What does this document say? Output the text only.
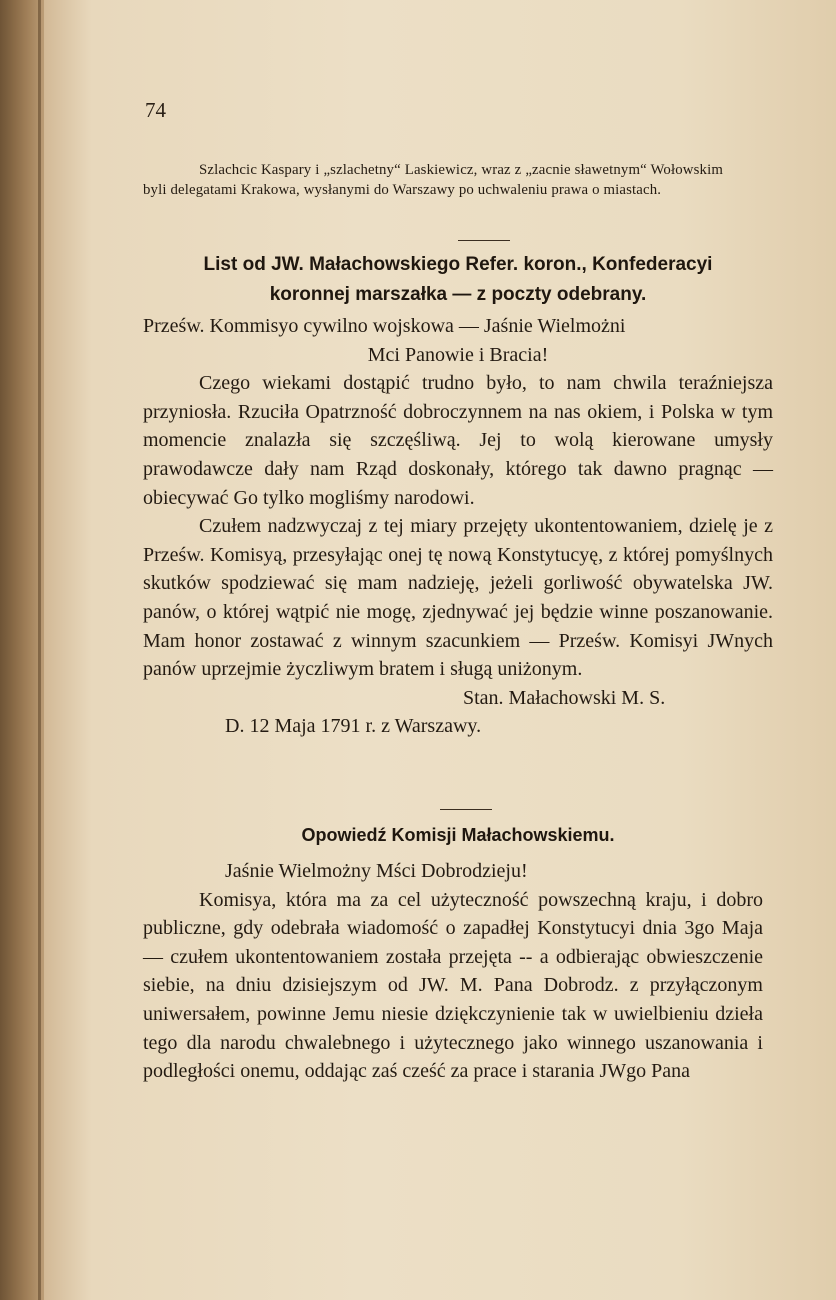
74

Szlachcic Kaspary i „szlachetny“ Laskiewicz, wraz z „zacnie sławetnym“ Wołowskim byli delegatami Krakowa, wysłanymi do Warszawy po uchwaleniu prawa o miastach.

List od JW. Małachowskiego Refer. koron., Konfederacyi
koronnej marszałka — z poczty odebrany.

Prześw. Kommisyo cywilno wojskowa — Jaśnie Wielmożni
Mci Panowie i Bracia!

Czego wiekami dostąpić trudno było, to nam chwila teraźniejsza przyniosła. Rzuciła Opatrzność dobroczynnem na nas okiem, i Polska w tym momencie znalazła się szczęśliwą. Jej to wolą kierowane umysły prawodawcze dały nam Rząd doskonały, którego tak dawno pragnąc — obiecywać Go tylko mogliśmy narodowi.

Czułem nadzwyczaj z tej miary przejęty ukontentowaniem, dzielę je z Prześw. Komisyą, przesyłając onej tę nową Konstytucyę, z której pomyślnych skutków spodziewać się mam nadzieję, jeżeli gorliwość obywatelska JW. panów, o której wątpić nie mogę, zjednywać jej będzie winne poszanowanie. Mam honor zostawać z winnym szacunkiem — Prześw. Komisyi JWnych panów uprzejmie życzliwym bratem i sługą uniżonym.

Stan. Małachowski M. S.

D. 12 Maja 1791 r. z Warszawy.

Opowiedź Komisji Małachowskiemu.

Jaśnie Wielmożny Mści Dobrodzieju!

Komisya, która ma za cel użyteczność powszechną kraju, i dobro publiczne, gdy odebrała wiadomość o zapadłej Konstytucyi dnia 3go Maja — czułem ukontentowaniem została przejęta -- a odbierając obwieszczenie siebie, na dniu dzisiejszym od JW. M. Pana Dobrodz. z przyłączonym uniwersałem, powinne Jemu niesie dziękczynienie tak w uwielbieniu dzieła tego dla narodu chwalebnego i użytecznego jako winnego uszanowania i podległości onemu, oddając zaś cześć za prace i starania JWgo Pana
